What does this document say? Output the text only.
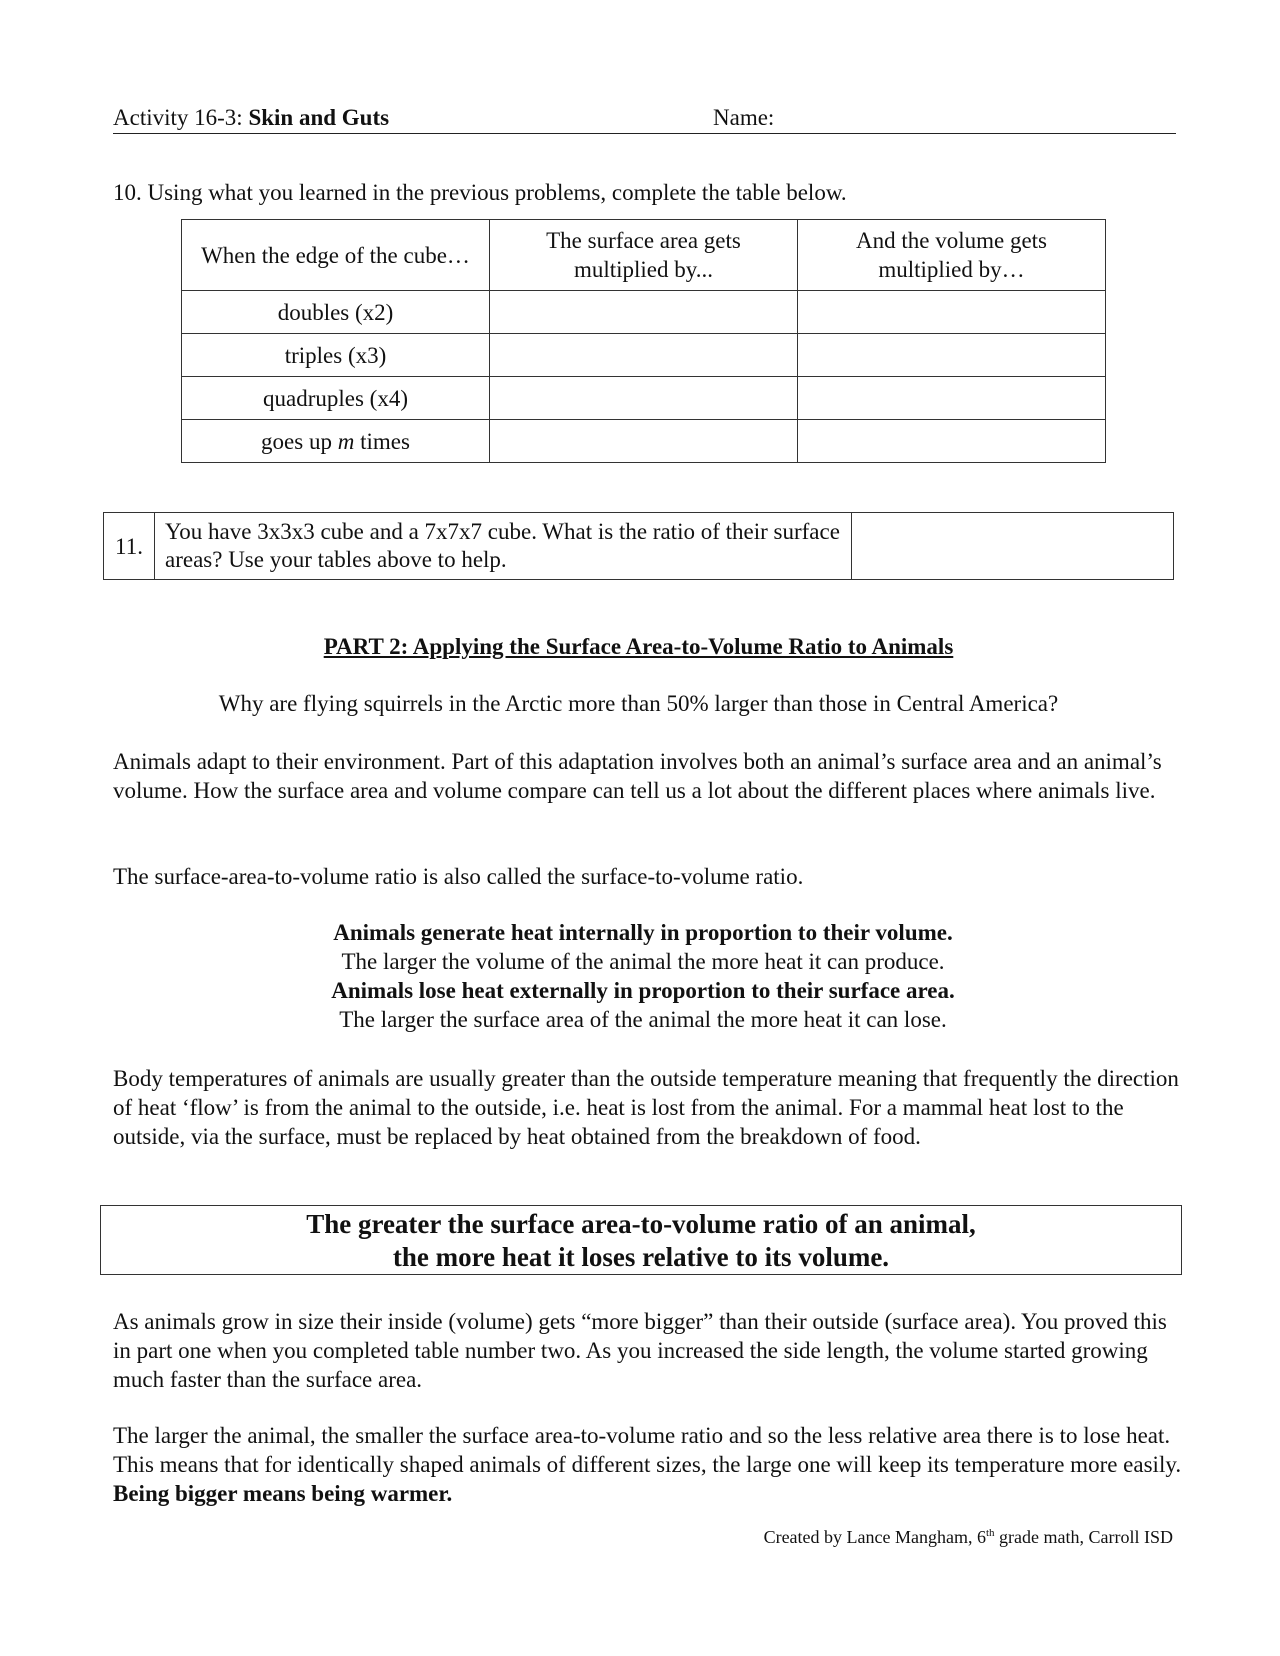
Activity 16-3: Skin and Guts	Name:
10. Using what you learned in the previous problems, complete the table below.
When the edge of the cube…	The surface area gets multiplied by...	And the volume gets multiplied by…
doubles (x2)		
triples (x3)		
quadruples (x4)		
goes up m times		
11.	You have 3x3x3 cube and a 7x7x7 cube. What is the ratio of their surface areas? Use your tables above to help.	
PART 2: Applying the Surface Area-to-Volume Ratio to Animals
Why are flying squirrels in the Arctic more than 50% larger than those in Central America?
Animals adapt to their environment. Part of this adaptation involves both an animal’s surface area and an animal’s volume. How the surface area and volume compare can tell us a lot about the different places where animals live.
The surface-area-to-volume ratio is also called the surface-to-volume ratio.
Animals generate heat internally in proportion to their volume.
The larger the volume of the animal the more heat it can produce.
Animals lose heat externally in proportion to their surface area.
The larger the surface area of the animal the more heat it can lose.
Body temperatures of animals are usually greater than the outside temperature meaning that frequently the direction of heat ‘flow’ is from the animal to the outside, i.e. heat is lost from the animal. For a mammal heat lost to the outside, via the surface, must be replaced by heat obtained from the breakdown of food.
The greater the surface area-to-volume ratio of an animal,
the more heat it loses relative to its volume.
As animals grow in size their inside (volume) gets “more bigger” than their outside (surface area). You proved this in part one when you completed table number two. As you increased the side length, the volume started growing much faster than the surface area.
The larger the animal, the smaller the surface area-to-volume ratio and so the less relative area there is to lose heat. This means that for identically shaped animals of different sizes, the large one will keep its temperature more easily. Being bigger means being warmer.
Created by Lance Mangham, 6th grade math, Carroll ISD
